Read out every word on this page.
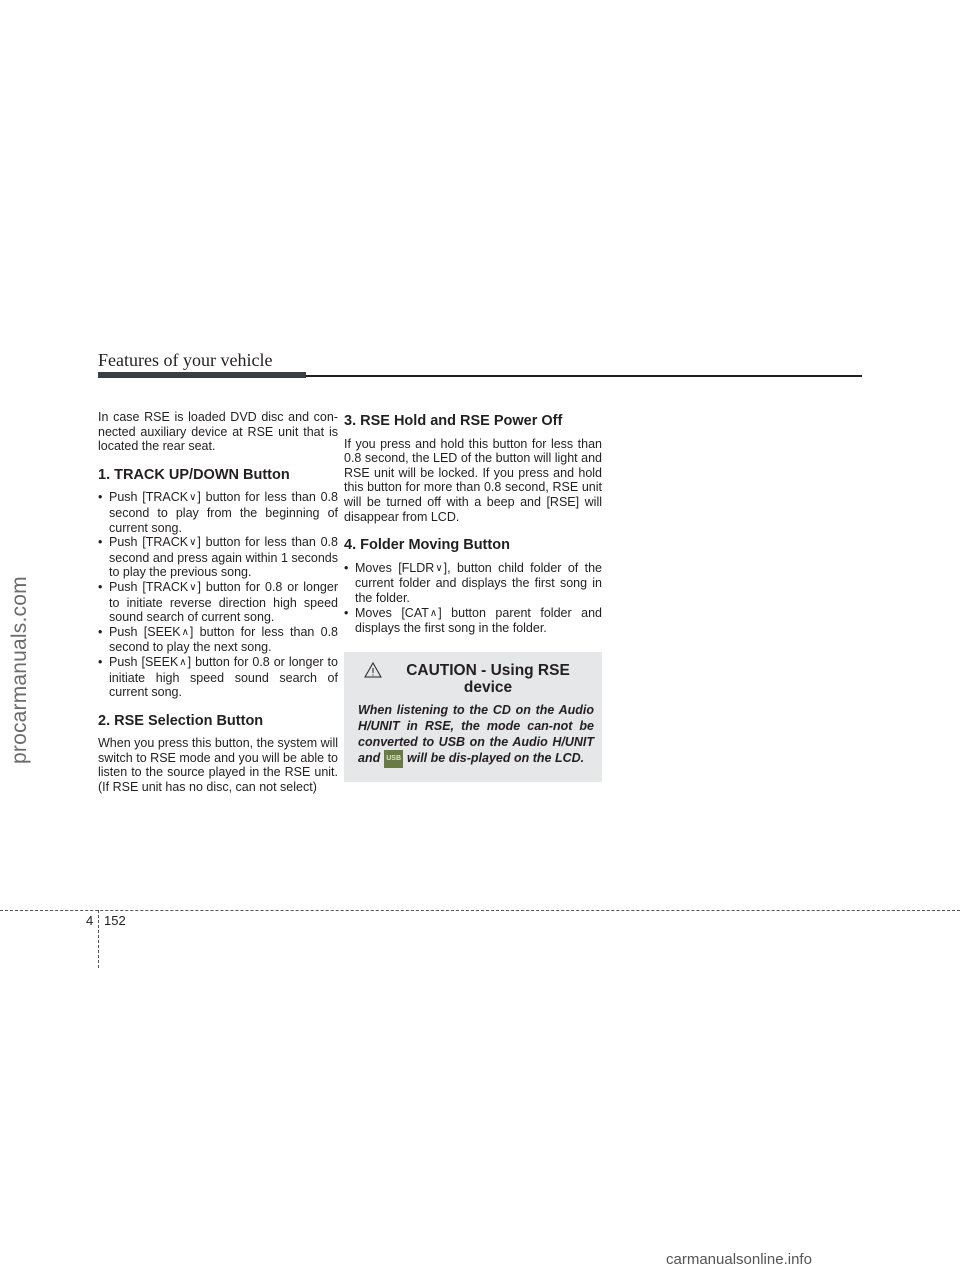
procarmanuals.com
Features of your vehicle

In case RSE is loaded DVD disc and con-nected auxiliary device at RSE unit that is located the rear seat.

1. TRACK UP/DOWN Button
• Push [TRACK∨] button for less than 0.8 second to play from the beginning of current song.
• Push [TRACK∨] button for less than 0.8 second and press again within 1 seconds to play the previous song.
• Push [TRACK∨] button for 0.8 or longer to initiate reverse direction high speed sound search of current song.
• Push [SEEK∧] button for less than 0.8 second to play the next song.
• Push [SEEK∧] button for 0.8 or longer to initiate high speed sound search of current song.
2. RSE Selection Button

When you press this button, the system will switch to RSE mode and you will be able to listen to the source played in the RSE unit. (If RSE unit has no disc, can not select)

3. RSE Hold and RSE Power Off

If you press and hold this button for less than 0.8 second, the LED of the button will light and RSE unit will be locked. If you press and hold this button for more than 0.8 second, RSE unit will be turned off with a beep and [RSE] will disappear from LCD.

4. Folder Moving Button
• Moves [FLDR∨], button child folder of the current folder and displays the first song in the folder.
• Moves [CAT∧] button parent folder and displays the first song in the folder.
CAUTION - Using RSE device
When listening to the CD on the Audio H/UNIT in RSE, the mode can-not be converted to USB on the Audio H/UNIT and USB will be dis-played on the LCD.
4 152
carmanualsonline.info
